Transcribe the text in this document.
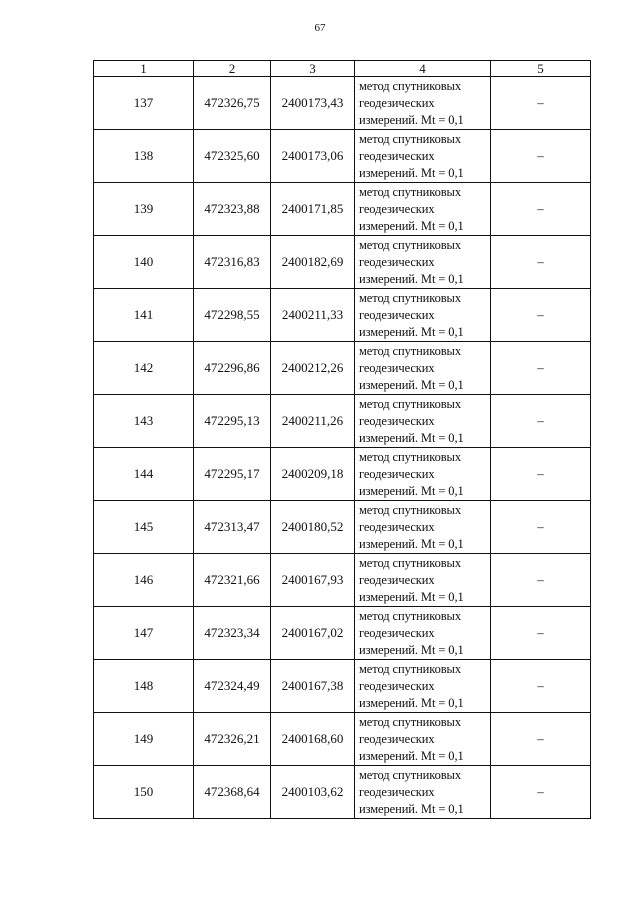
67
1	2	3	4	5
137	472326,75	2400173,43	метод спутниковых
геодезических
измерений. Mt = 0,1	–
138	472325,60	2400173,06	метод спутниковых
геодезических
измерений. Mt = 0,1	–
139	472323,88	2400171,85	метод спутниковых
геодезических
измерений. Mt = 0,1	–
140	472316,83	2400182,69	метод спутниковых
геодезических
измерений. Mt = 0,1	–
141	472298,55	2400211,33	метод спутниковых
геодезических
измерений. Mt = 0,1	–
142	472296,86	2400212,26	метод спутниковых
геодезических
измерений. Mt = 0,1	–
143	472295,13	2400211,26	метод спутниковых
геодезических
измерений. Mt = 0,1	–
144	472295,17	2400209,18	метод спутниковых
геодезических
измерений. Mt = 0,1	–
145	472313,47	2400180,52	метод спутниковых
геодезических
измерений. Mt = 0,1	–
146	472321,66	2400167,93	метод спутниковых
геодезических
измерений. Mt = 0,1	–
147	472323,34	2400167,02	метод спутниковых
геодезических
измерений. Mt = 0,1	–
148	472324,49	2400167,38	метод спутниковых
геодезических
измерений. Mt = 0,1	–
149	472326,21	2400168,60	метод спутниковых
геодезических
измерений. Mt = 0,1	–
150	472368,64	2400103,62	метод спутниковых
геодезических
измерений. Mt = 0,1	–
